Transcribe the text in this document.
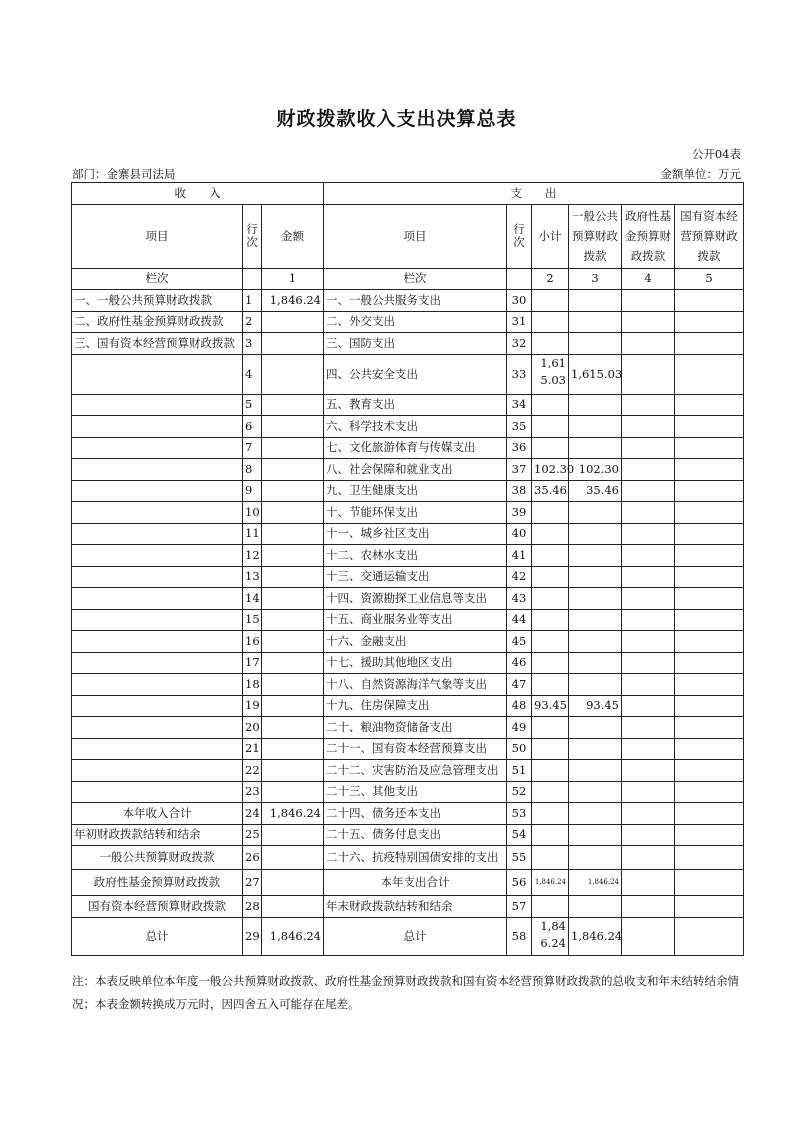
财政拨款收入支出决算总表
公开04表
部门：金寨县司法局	金额单位：万元
收　　入			支　　出					
项目	行次	金额	项目	行次	小计	一般公共预算财政拨款	政府性基金预算财政拨款	国有资本经营预算财政拨款
栏次		1	栏次		2	3	4	5
一、一般公共预算财政拨款	1	1,846.24	一、一般公共服务支出	30				
二、政府性基金预算财政拨款	2		二、外交支出	31				
三、国有资本经营预算财政拨款	3		三、国防支出	32				
	4		四、公共安全支出	33	1,615.03	1,615.03		
	5		五、教育支出	34				
	6		六、科学技术支出	35				
	7		七、文化旅游体育与传媒支出	36				
	8		八、社会保障和就业支出	37	102.30	102.30		
	9		九、卫生健康支出	38	35.46	35.46		
	10		十、节能环保支出	39				
	11		十一、城乡社区支出	40				
	12		十二、农林水支出	41				
	13		十三、交通运输支出	42				
	14		十四、资源勘探工业信息等支出	43				
	15		十五、商业服务业等支出	44				
	16		十六、金融支出	45				
	17		十七、援助其他地区支出	46				
	18		十八、自然资源海洋气象等支出	47				
	19		十九、住房保障支出	48	93.45	93.45		
	20		二十、粮油物资储备支出	49				
	21		二十一、国有资本经营预算支出	50				
	22		二十二、灾害防治及应急管理支出	51				
	23		二十三、其他支出	52				
本年收入合计	24	1,846.24	二十四、债务还本支出	53				
年初财政拨款结转和结余	25		二十五、债务付息支出	54				
一般公共预算财政拨款	26		二十六、抗疫特别国债安排的支出	55				
政府性基金预算财政拨款	27		本年支出合计	56	1,846.24	1,846.24		
国有资本经营预算财政拨款	28		年末财政拨款结转和结余	57				
总计	29	1,846.24	总计	58	1,846.24	1,846.24		
注：本表反映单位本年度一般公共预算财政拨款、政府性基金预算财政拨款和国有资本经营预算财政拨款的总收支和年末结转结余情况；本表金额转换成万元时，因四舍五入可能存在尾差。
